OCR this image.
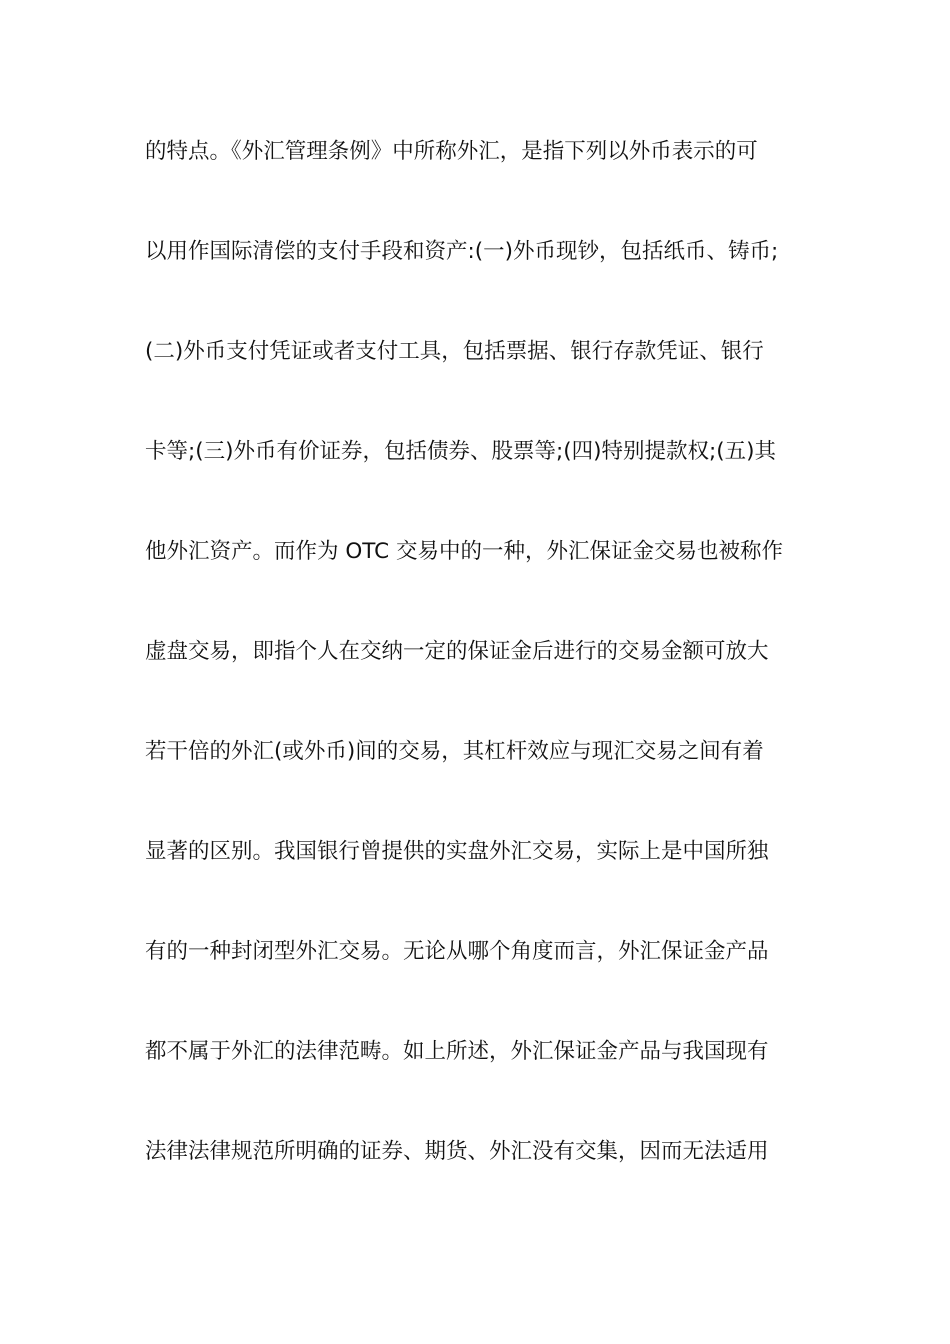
的特点。《外汇管理条例》中所称外汇，是指下列以外币表示的可
以用作国际清偿的支付手段和资产:(一)外币现钞，包括纸币、铸币;
(二)外币支付凭证或者支付工具，包括票据、银行存款凭证、银行
卡等;(三)外币有价证券，包括债券、股票等;(四)特别提款权;(五)其
他外汇资产。而作为 OTC 交易中的一种，外汇保证金交易也被称作
虚盘交易，即指个人在交纳一定的保证金后进行的交易金额可放大
若干倍的外汇(或外币)间的交易，其杠杆效应与现汇交易之间有着
显著的区别。我国银行曾提供的实盘外汇交易，实际上是中国所独
有的一种封闭型外汇交易。无论从哪个角度而言，外汇保证金产品
都不属于外汇的法律范畴。如上所述，外汇保证金产品与我国现有
法律法律规范所明确的证券、期货、外汇没有交集，因而无法适用
